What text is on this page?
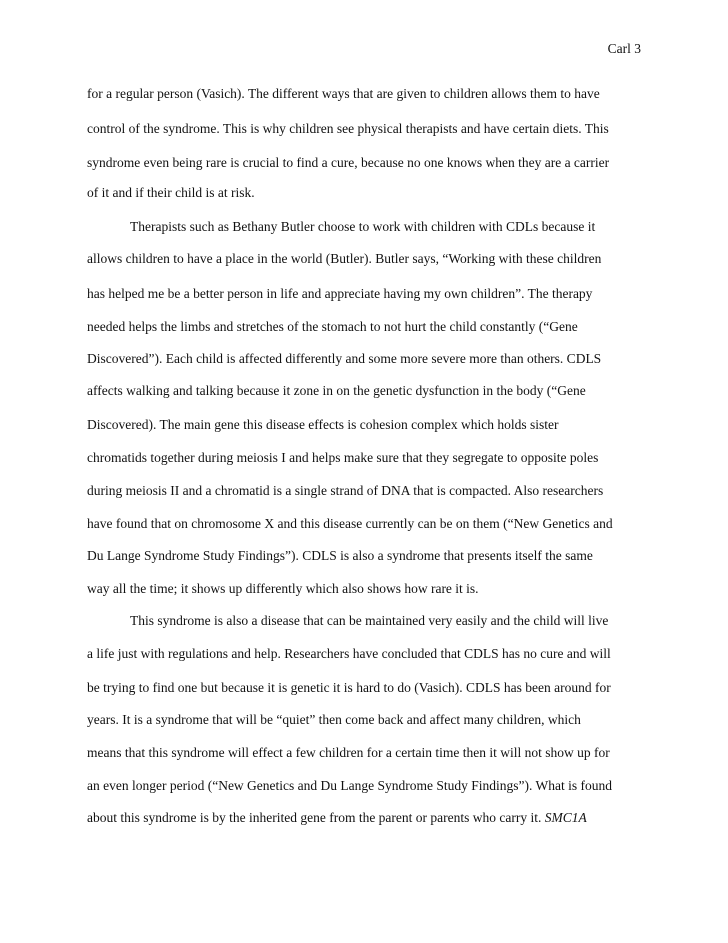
Carl 3
for a regular person (Vasich). The different ways that are given to children allows them to have
control of the syndrome. This is why children see physical therapists and have certain diets. This
syndrome even being rare is crucial to find a cure, because no one knows when they are a carrier
of it and if their child is at risk.
Therapists such as Bethany Butler choose to work with children with CDLs because it
allows children to have a place in the world (Butler). Butler says, “Working with these children
has helped me be a better person in life and appreciate having my own children”. The therapy
needed helps the limbs and stretches of the stomach to not hurt the child constantly (“Gene
Discovered”). Each child is affected differently and some more severe more than others. CDLS
affects walking and talking because it zone in on the genetic dysfunction in the body (“Gene
Discovered). The main gene this disease effects is cohesion complex which holds sister
chromatids together during meiosis I and helps make sure that they segregate to opposite poles
during meiosis II and a chromatid is a single strand of DNA that is compacted. Also researchers
have found that on chromosome X and this disease currently can be on them (“New Genetics and
Du Lange Syndrome Study Findings”). CDLS is also a syndrome that presents itself the same
way all the time; it shows up differently which also shows how rare it is.
This syndrome is also a disease that can be maintained very easily and the child will live
a life just with regulations and help. Researchers have concluded that CDLS has no cure and will
be trying to find one but because it is genetic it is hard to do (Vasich). CDLS has been around for
years. It is a syndrome that will be “quiet” then come back and affect many children, which
means that this syndrome will effect a few children for a certain time then it will not show up for
an even longer period (“New Genetics and Du Lange Syndrome Study Findings”). What is found
about this syndrome is by the inherited gene from the parent or parents who carry it. SMC1A
